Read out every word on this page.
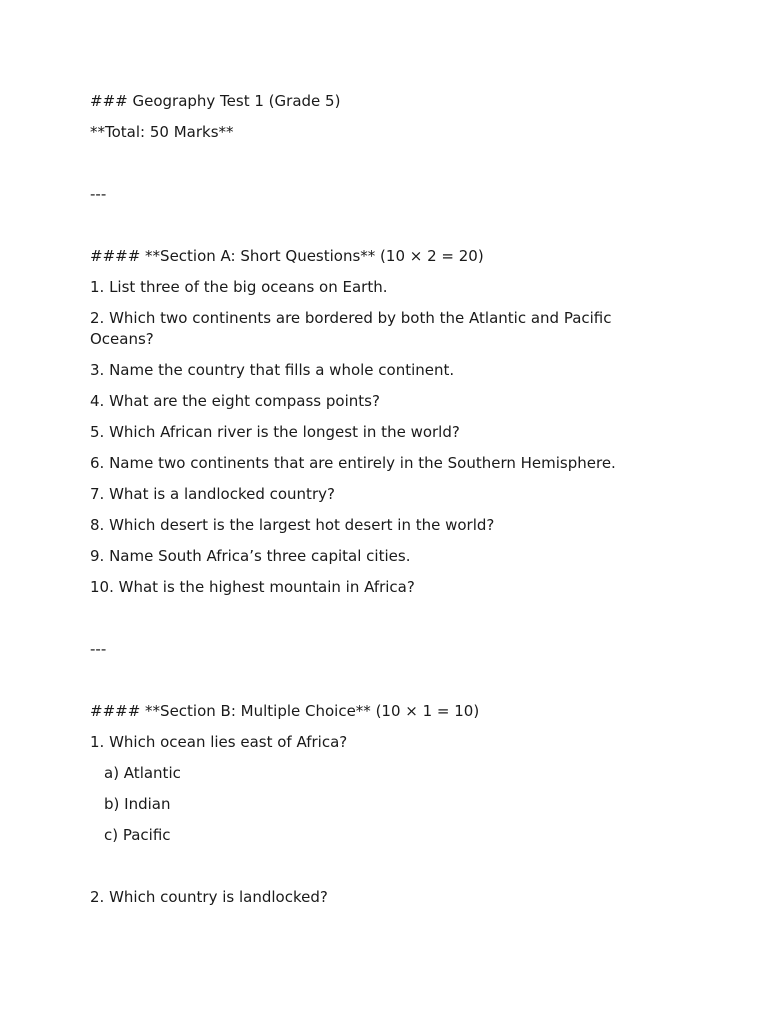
### Geography Test 1 (Grade 5)

**Total: 50 Marks**

---

#### **Section A: Short Questions** (10 × 2 = 20)

1. List three of the big oceans on Earth.

2. Which two continents are bordered by both the Atlantic and Pacific Oceans?

3. Name the country that fills a whole continent.

4. What are the eight compass points?

5. Which African river is the longest in the world?

6. Name two continents that are entirely in the Southern Hemisphere.

7. What is a landlocked country?

8. Which desert is the largest hot desert in the world?

9. Name South Africa’s three capital cities.

10. What is the highest mountain in Africa?

---

#### **Section B: Multiple Choice** (10 × 1 = 10)

1. Which ocean lies east of Africa?

a) Atlantic

b) Indian

c) Pacific

2. Which country is landlocked?
